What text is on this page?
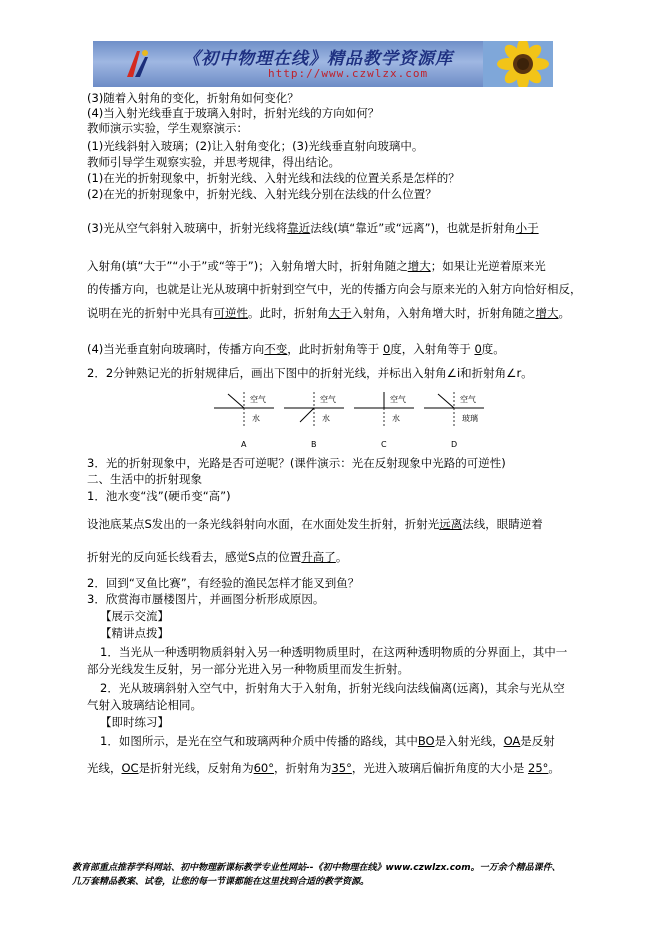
《初中物理在线》精品教学资源库
http://www.czwlzx.com
(3)随着入射角的变化，折射角如何变化？
(4)当入射光线垂直于玻璃入射时，折射光线的方向如何？
教师演示实验，学生观察演示：
(1)光线斜射入玻璃；(2)让入射角变化；(3)光线垂直射向玻璃中。
教师引导学生观察实验，并思考规律，得出结论。
(1)在光的折射现象中，折射光线、入射光线和法线的位置关系是怎样的？
(2)在光的折射现象中，折射光线、入射光线分别在法线的什么位置？
(3)光从空气斜射入玻璃中，折射光线将靠近法线(填“靠近”或“远离”)，也就是折射角小于
入射角(填“大于”“小于”或“等于”)；入射角增大时，折射角随之增大；如果让光逆着原来光
的传播方向，也就是让光从玻璃中折射到空气中，光的传播方向会与原来光的入射方向恰好相反，
说明在光的折射中光具有可逆性。此时，折射角大于入射角，入射角增大时，折射角随之增大。
(4)当光垂直射向玻璃时，传播方向不变，此时折射角等于 0度，入射角等于 0度。
2．2分钟熟记光的折射规律后，画出下图中的折射光线，并标出入射角∠i和折射角∠r。
3．光的折射现象中，光路是否可逆呢？(课件演示：光在反射现象中光路的可逆性)
二、生活中的折射现象
1．池水变“浅”(硬币变“高”)
设池底某点S发出的一条光线斜射向水面，在水面处发生折射，折射光远离法线，眼睛逆着
折射光的反向延长线看去，感觉S点的位置升高了。
2．回到“叉鱼比赛”，有经验的渔民怎样才能叉到鱼？
3．欣赏海市蜃楼图片，并画图分析形成原因。
【展示交流】
【精讲点拨】
1．当光从一种透明物质斜射入另一种透明物质里时，在这两种透明物质的分界面上，其中一
部分光线发生反射，另一部分光进入另一种物质里而发生折射。
2．光从玻璃斜射入空气中，折射角大于入射角，折射光线向法线偏离(远离)，其余与光从空
气射入玻璃结论相同。
【即时练习】
1．如图所示，是光在空气和玻璃两种介质中传播的路线，其中BO是入射光线，OA是反射
光线，OC是折射光线，反射角为60°，折射角为35°，光进入玻璃后偏折角度的大小是 25°。
空气
水
A
空气
水
B
空气
水
C
空气
玻璃
D
教育部重点推荐学科网站、初中物理新课标教学专业性网站--《初中物理在线》www.czwlzx.com。一万余个精品课件、
几万套精品教案、试卷，让您的每一节课都能在这里找到合适的教学资源。
